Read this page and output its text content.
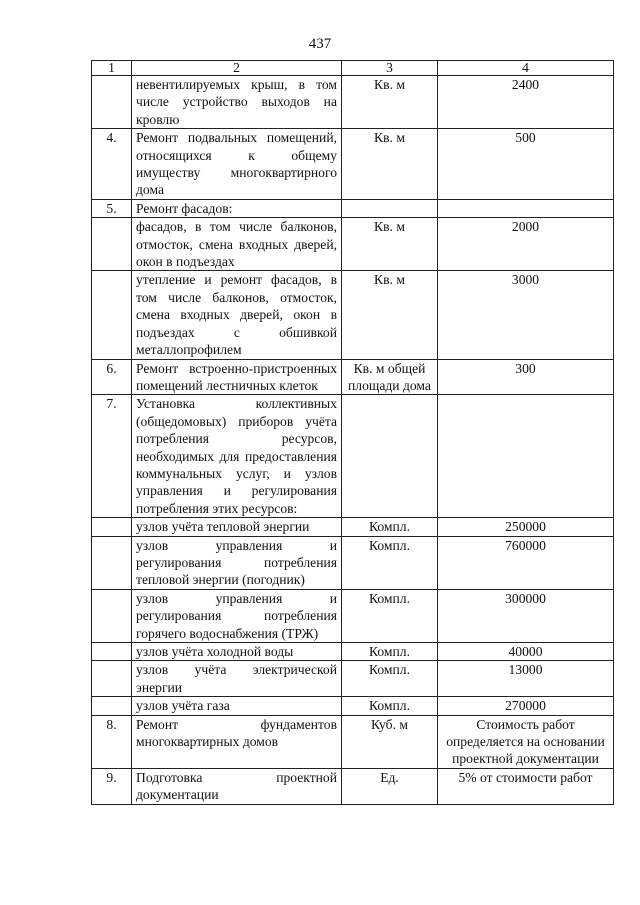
437
1	2	3	4
	невентилируемых крыш, в том числе устройство выходов на кровлю	Кв. м	2400
4.	Ремонт подвальных помещений, относящихся к общему имуществу многоквартирного дома	Кв. м	500
5.	Ремонт фасадов:		
	фасадов, в том числе балконов, отмосток, смена входных дверей, окон в подъездах	Кв. м	2000
	утепление и ремонт фасадов, в том числе балконов, отмосток, смена входных дверей, окон в подъездах с обшивкой металлопрофилем	Кв. м	3000
6.	Ремонт встроенно-пристроенных помещений лестничных клеток	Кв. м общей площади дома	300
7.	Установка коллективных (общедомовых) приборов учёта потребления ресурсов, необходимых для предоставления коммунальных услуг, и узлов управления и регулирования потребления этих ресурсов:		
	узлов учёта тепловой энергии	Компл.	250000
	узлов управления и регулирования потребления тепловой энергии (погодник)	Компл.	760000
	узлов управления и регулирования потребления горячего водоснабжения (ТРЖ)	Компл.	300000
	узлов учёта холодной воды	Компл.	40000
	узлов учёта электрической энергии	Компл.	13000
	узлов учёта газа	Компл.	270000
8.	Ремонт фундаментов многоквартирных домов	Куб. м	Стоимость работ определяется на основании проектной документации
9.	Подготовка проектной документации	Ед.	5% от стоимости работ
